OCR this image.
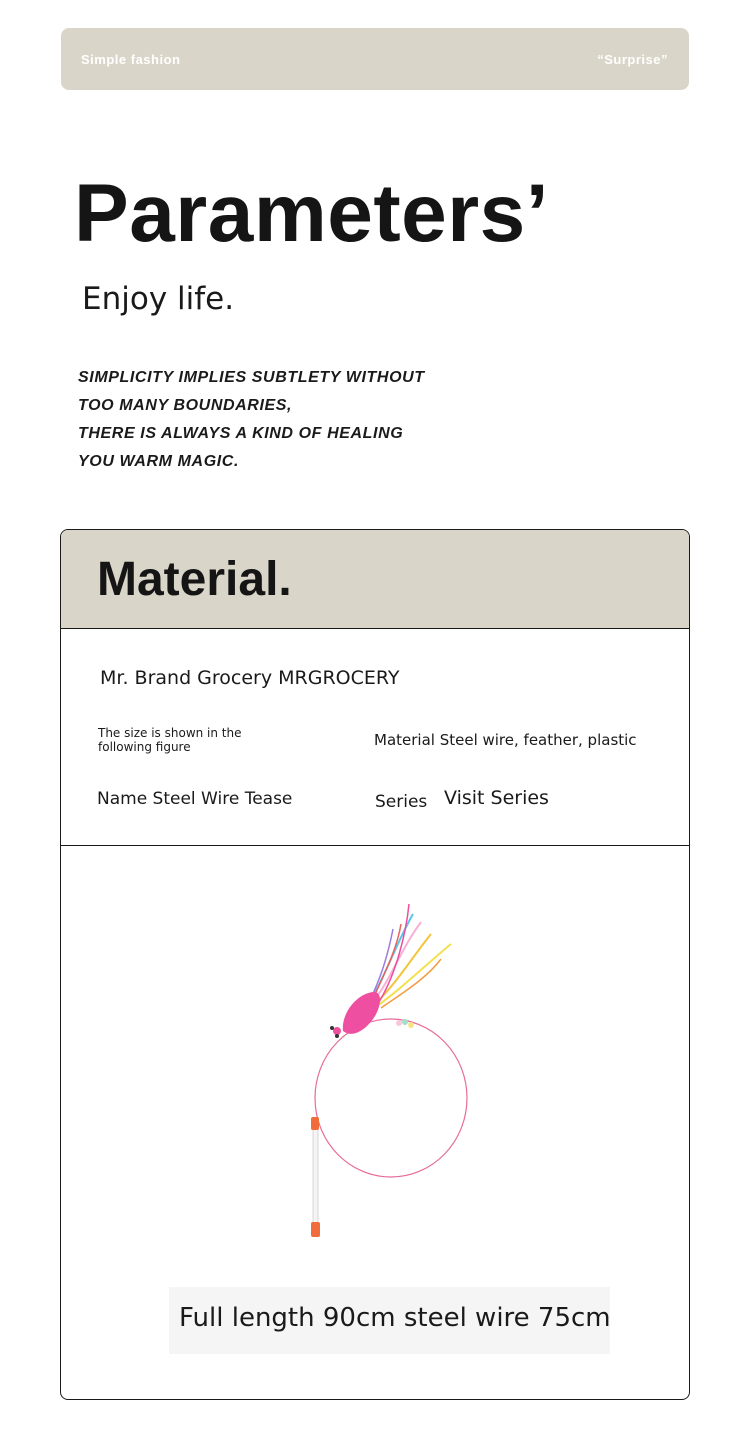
Simple fashion	“Surprise”
Parameters’
Enjoy life.
SIMPLICITY IMPLIES SUBTLETY WITHOUT
TOO MANY BOUNDARIES,
THERE IS ALWAYS A KIND OF HEALING
YOU WARM MAGIC.
Material.
Mr. Brand Grocery MRGROCERY
The size is shown in the following figure	Material Steel wire, feather, plastic
Name Steel Wire Tease	Series Visit Series
Full length 90cm steel wire 75cm
